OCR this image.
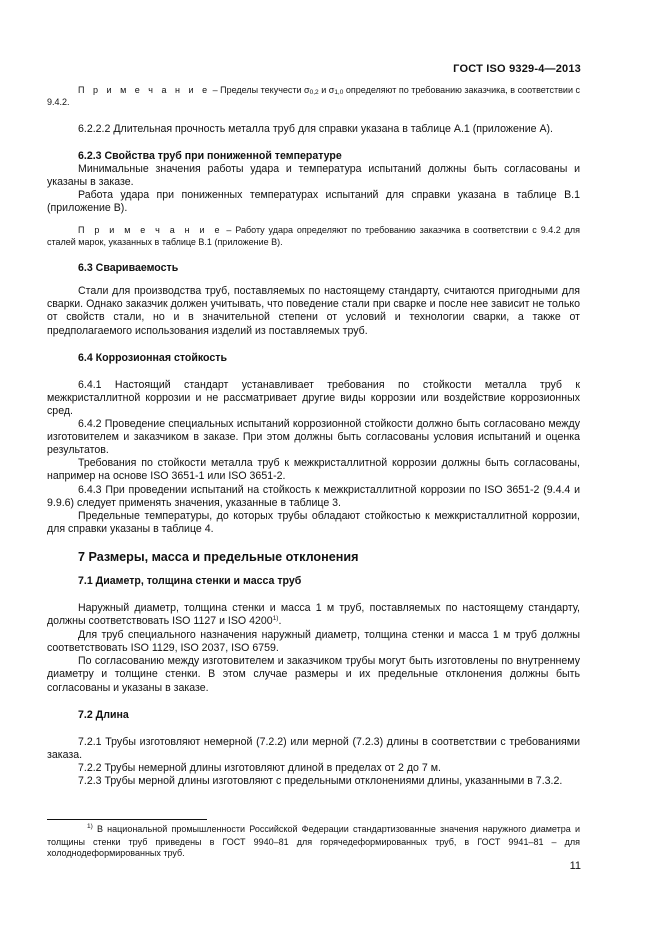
ГОСТ ISO 9329-4—2013

П р и м е ч а н и е – Пределы текучести σ0,2 и σ1,0 определяют по требованию заказчика, в соответствии с 9.4.2.

6.2.2.2 Длительная прочность металла труб для справки указана в таблице А.1 (приложение А).

6.2.3 Свойства труб при пониженной температуре

Минимальные значения работы удара и температура испытаний должны быть согласованы и указаны в заказе.

Работа удара при пониженных температурах испытаний для справки указана в таблице В.1 (приложение В).

П р и м е ч а н и е – Работу удара определяют по требованию заказчика в соответствии с 9.4.2 для сталей марок, указанных в таблице В.1 (приложение В).

6.3 Свариваемость

Стали для производства труб, поставляемых по настоящему стандарту, считаются пригодными для сварки. Однако заказчик должен учитывать, что поведение стали при сварке и после нее зависит не только от свойств стали, но и в значительной степени от условий и технологии сварки, а также от предполагаемого использования изделий из поставляемых труб.

6.4 Коррозионная стойкость

6.4.1 Настоящий стандарт устанавливает требования по стойкости металла труб к межкристаллитной коррозии и не рассматривает другие виды коррозии или воздействие коррозионных сред.

6.4.2 Проведение специальных испытаний коррозионной стойкости должно быть согласовано между изготовителем и заказчиком в заказе. При этом должны быть согласованы условия испытаний и оценка результатов.

Требования по стойкости металла труб к межкристаллитной коррозии должны быть согласованы, например на основе ISO 3651-1 или ISO 3651-2.

6.4.3 При проведении испытаний на стойкость к межкристаллитной коррозии по ISO 3651-2 (9.4.4 и 9.9.6) следует применять значения, указанные в таблице 3.

Предельные температуры, до которых трубы обладают стойкостью к межкристаллитной коррозии, для справки указаны в таблице 4.

7 Размеры, масса и предельные отклонения

7.1 Диаметр, толщина стенки и масса труб

Наружный диаметр, толщина стенки и масса 1 м труб, поставляемых по настоящему стандарту, должны соответствовать ISO 1127 и ISO 4200$^{1)}$.

Для труб специального назначения наружный диаметр, толщина стенки и масса 1 м труб должны соответствовать ISO 1129, ISO 2037, ISO 6759.

По согласованию между изготовителем и заказчиком трубы могут быть изготовлены по внутреннему диаметру и толщине стенки. В этом случае размеры и их предельные отклонения должны быть согласованы и указаны в заказе.

7.2 Длина

7.2.1 Трубы изготовляют немерной (7.2.2) или мерной (7.2.3) длины в соответствии с требованиями заказа.

7.2.2 Трубы немерной длины изготовляют длиной в пределах от 2 до 7 м.

7.2.3 Трубы мерной длины изготовляют с предельными отклонениями длины, указанными в 7.3.2.

$^{1)}$ В национальной промышленности Российской Федерации стандартизованные значения наружного диаметра и толщины стенки труб приведены в ГОСТ 9940–81 для горячедеформированных труб, в ГОСТ 9941–81 – для холоднодеформированных труб.

11
